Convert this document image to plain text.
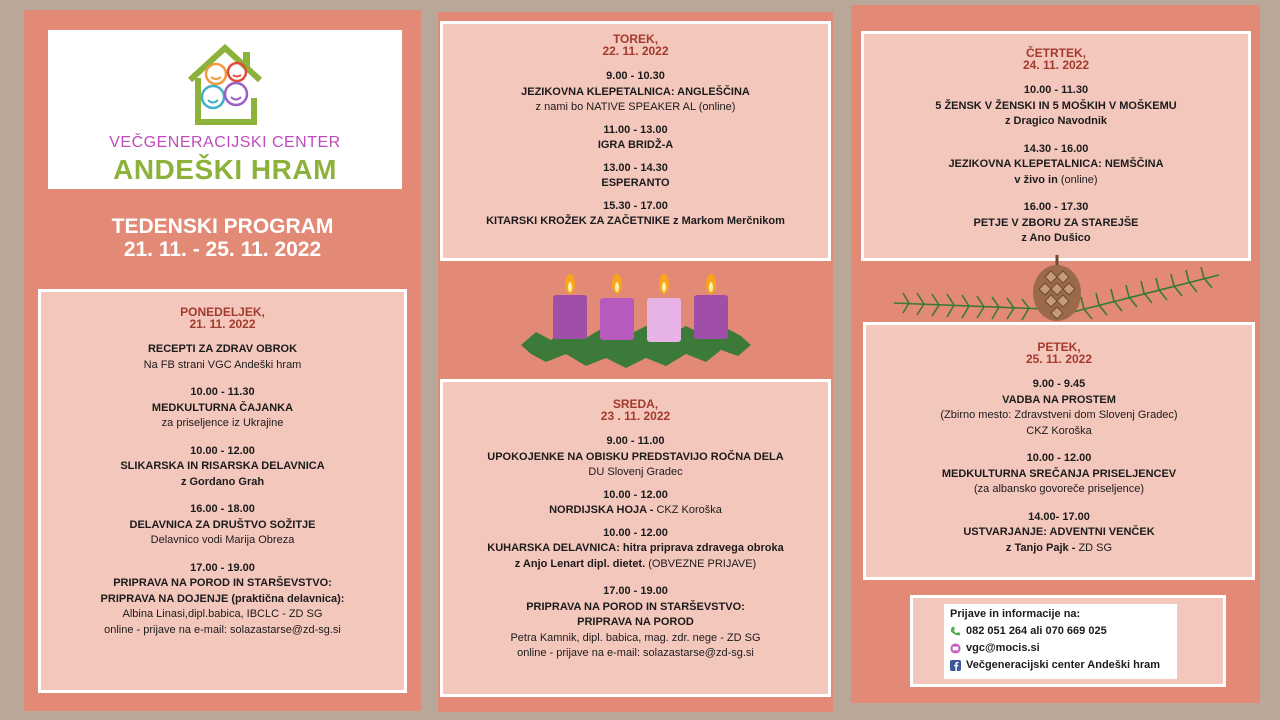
VEČGENERACIJSKI CENTER
ANDEŠKI HRAM
TEDENSKI PROGRAM
21. 11. - 25. 11. 2022
PONEDELJEK,
21. 11. 2022
RECEPTI ZA ZDRAV OBROK
Na FB strani VGC Andeški hram
10.00 - 11.30
MEDKULTURNA ČAJANKA
za priseljence iz Ukrajine
10.00 - 12.00
SLIKARSKA IN RISARSKA DELAVNICA
z Gordano Grah
16.00 - 18.00
DELAVNICA ZA DRUŠTVO SOŽITJE
Delavnico vodi Marija Obreza
17.00 - 19.00
PRIPRAVA NA POROD IN STARŠEVSTVO:
PRIPRAVA NA DOJENJE (praktična delavnica):
Albina Linasi,dipl.babica, IBCLC - ZD SG
online - prijave na e-mail: solazastarse@zd-sg.si
TOREK,
22. 11. 2022
9.00 - 10.30
JEZIKOVNA KLEPETALNICA: ANGLEŠČINA
z nami bo NATIVE SPEAKER AL (online)
11.00 - 13.00
IGRA BRIDŽ-A
13.00 - 14.30
ESPERANTO
15.30 - 17.00
KITARSKI KROŽEK ZA ZAČETNIKE z Markom Merčnikom
SREDA,
23 . 11. 2022
9.00 - 11.00
UPOKOJENKE NA OBISKU PREDSTAVIJO ROČNA DELA
DU Slovenj Gradec
10.00 - 12.00
NORDIJSKA HOJA - CKZ Koroška
10.00 - 12.00
KUHARSKA DELAVNICA: hitra priprava zdravega obroka
z Anjo Lenart dipl. dietet. (OBVEZNE PRIJAVE)
17.00 - 19.00
PRIPRAVA NA POROD IN STARŠEVSTVO:
PRIPRAVA NA POROD
Petra Kamnik, dipl. babica, mag. zdr. nege - ZD SG
online - prijave na e-mail: solazastarse@zd-sg.si
ČETRTEK,
24. 11. 2022
10.00 - 11.30
5 ŽENSK V ŽENSKI IN 5 MOŠKIH V MOŠKEMU
z Dragico Navodnik
14.30 - 16.00
JEZIKOVNA KLEPETALNICA: NEMŠČINA
v živo in (online)
16.00 - 17.30
PETJE V ZBORU ZA STAREJŠE
z Ano Dušico
PETEK,
25. 11. 2022
9.00 - 9.45
VADBA NA PROSTEM
(Zbirno mesto: Zdravstveni dom Slovenj Gradec)
CKZ Koroška
10.00 - 12.00
MEDKULTURNA SREČANJA PRISELJENCEV
(za albansko govoreče priseljence)
14.00- 17.00
USTVARJANJE: ADVENTNI VENČEK
z Tanjo Pajk - ZD SG
Prijave in informacije na:
082 051 264 ali 070 669 025
vgc@mocis.si
Večgeneracijski center Andeški hram
